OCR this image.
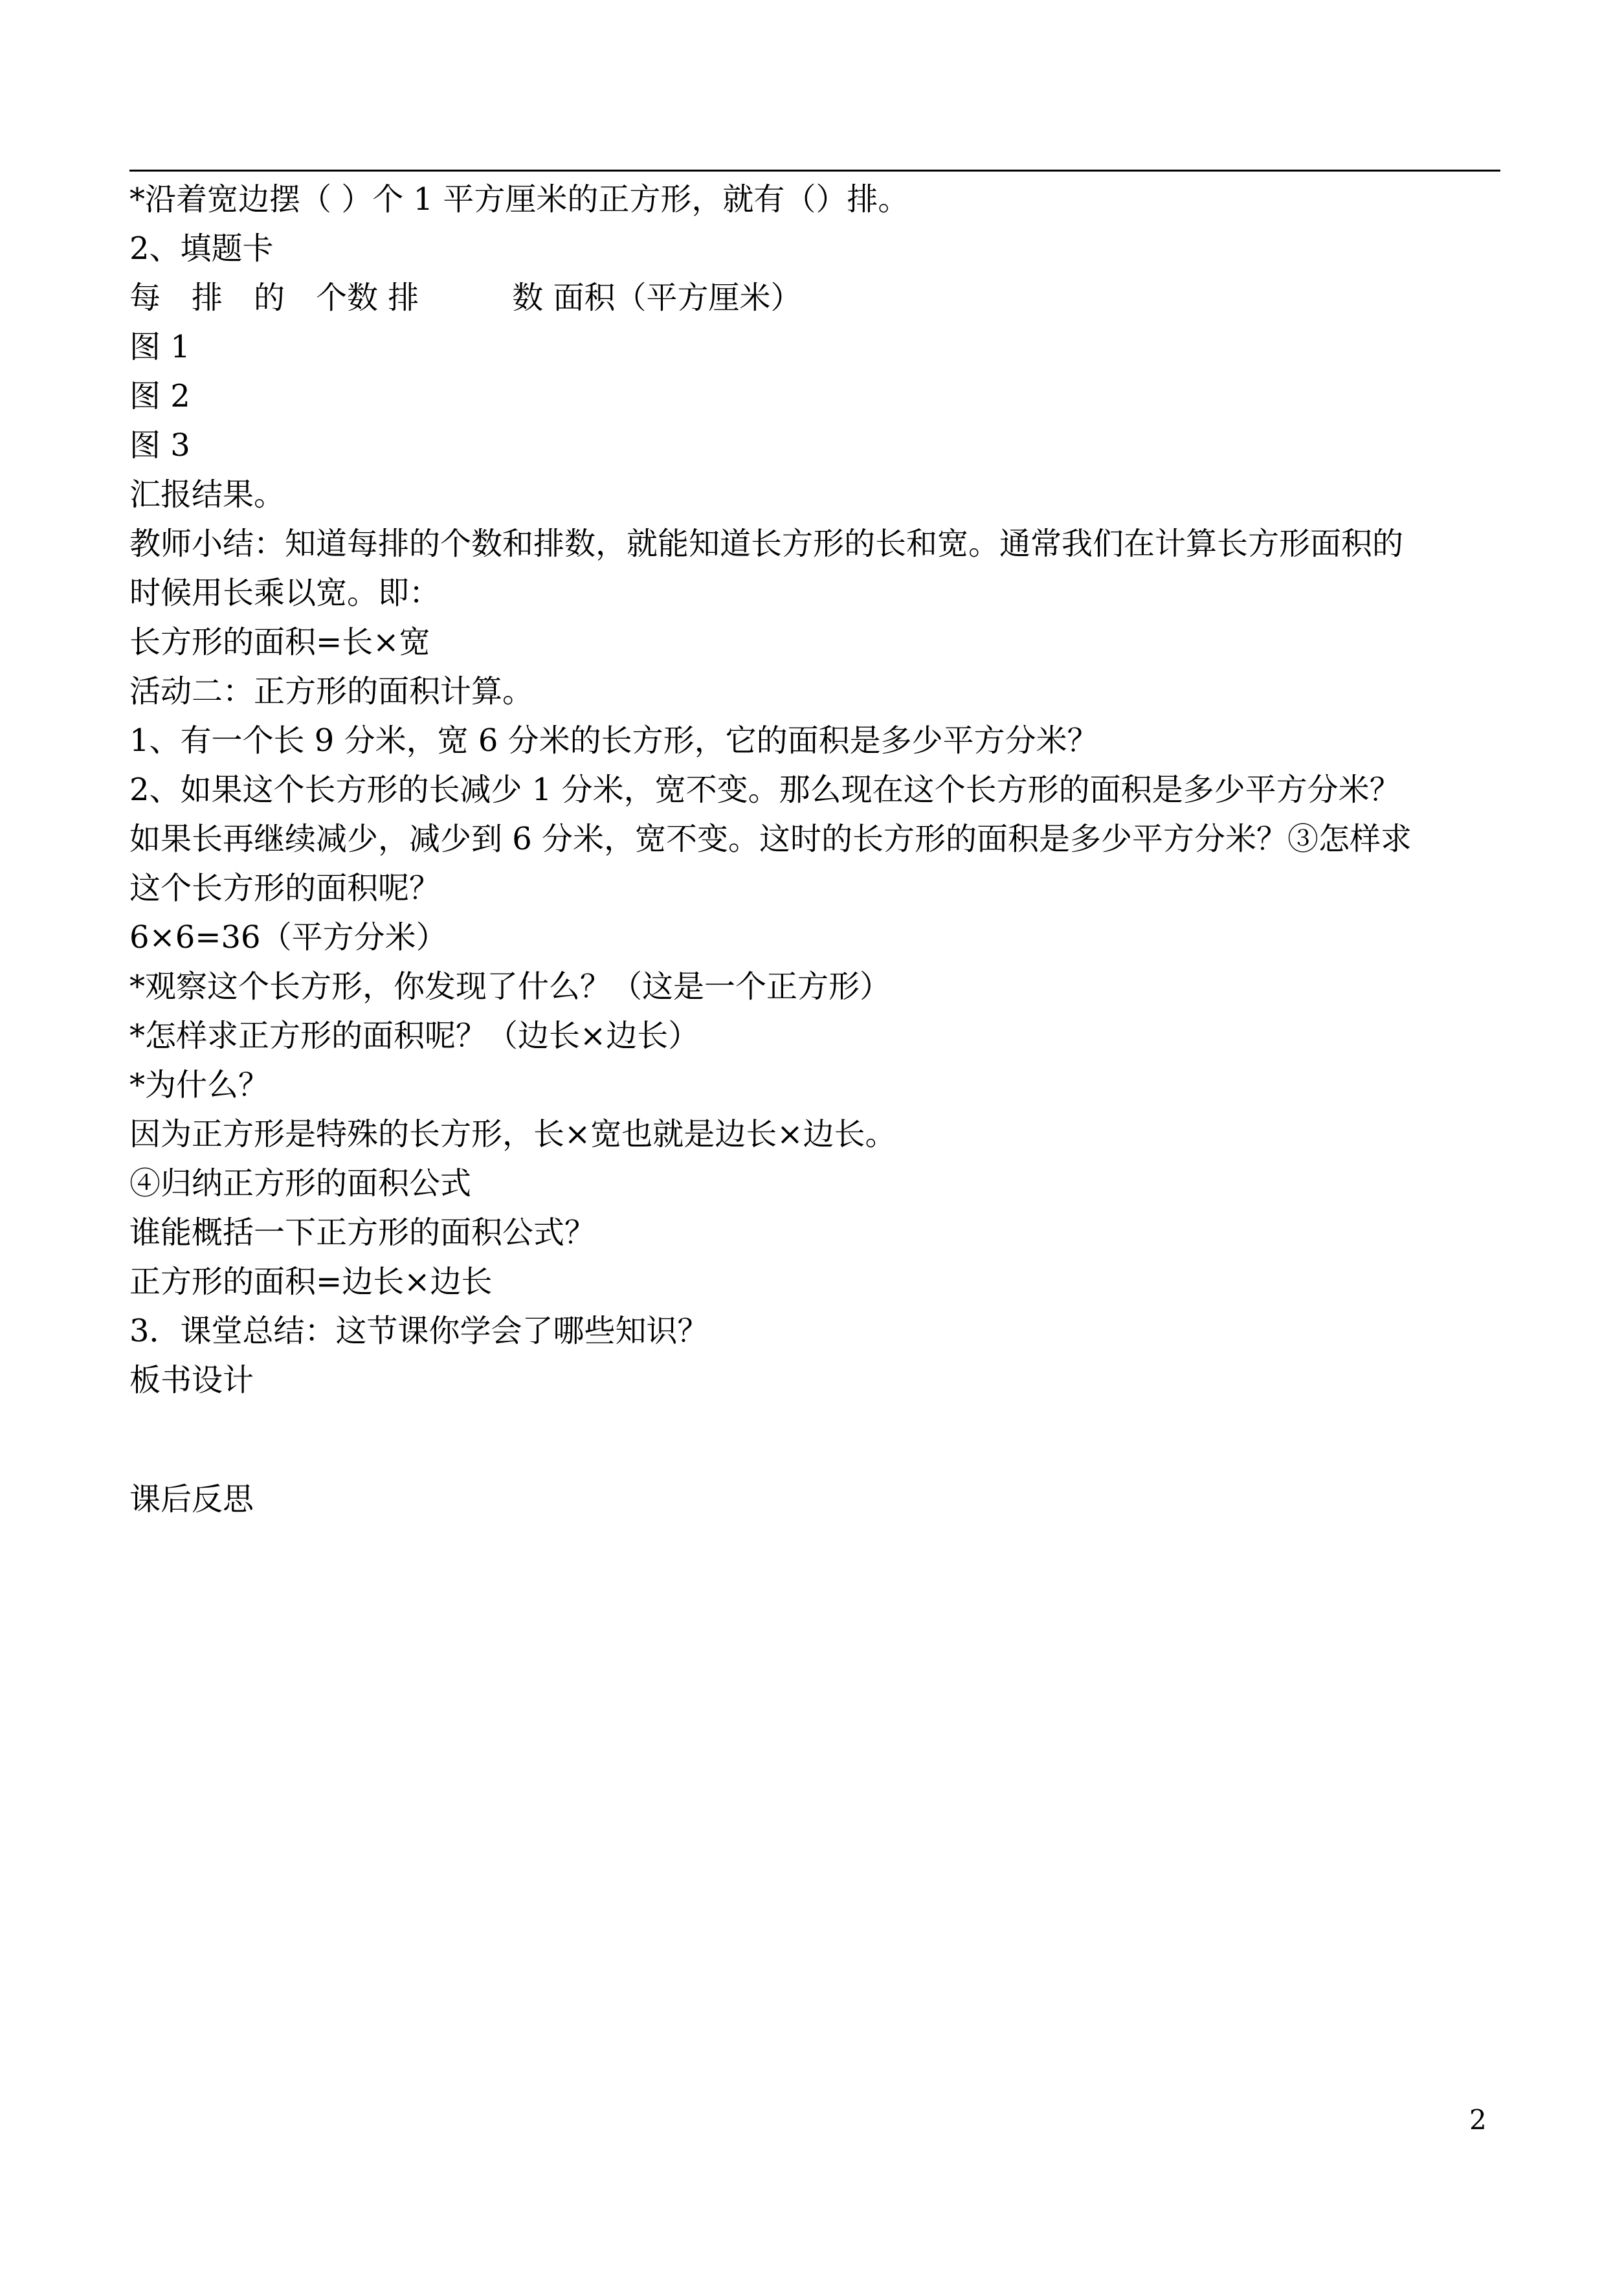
*沿着宽边摆（ ）个 1 平方厘米的正方形，就有（）排。
2、填题卡
每　排　的　个数 排　　　数 面积（平方厘米）
图 1
图 2
图 3
汇报结果。
教师小结：知道每排的个数和排数，就能知道长方形的长和宽。通常我们在计算长方形面积的
时候用长乘以宽。即：
长方形的面积=长×宽
活动二：正方形的面积计算。
1、有一个长 9 分米，宽 6 分米的长方形，它的面积是多少平方分米？
2、如果这个长方形的长减少 1 分米，宽不变。那么现在这个长方形的面积是多少平方分米？
如果长再继续减少，减少到 6 分米，宽不变。这时的长方形的面积是多少平方分米？③怎样求
这个长方形的面积呢？
6×6=36（平方分米）
*观察这个长方形，你发现了什么？（这是一个正方形）
*怎样求正方形的面积呢？（边长×边长）
*为什么？
因为正方形是特殊的长方形，长×宽也就是边长×边长。
④归纳正方形的面积公式
谁能概括一下正方形的面积公式？
正方形的面积=边长×边长
3．课堂总结：这节课你学会了哪些知识？
板书设计
课后反思
2
